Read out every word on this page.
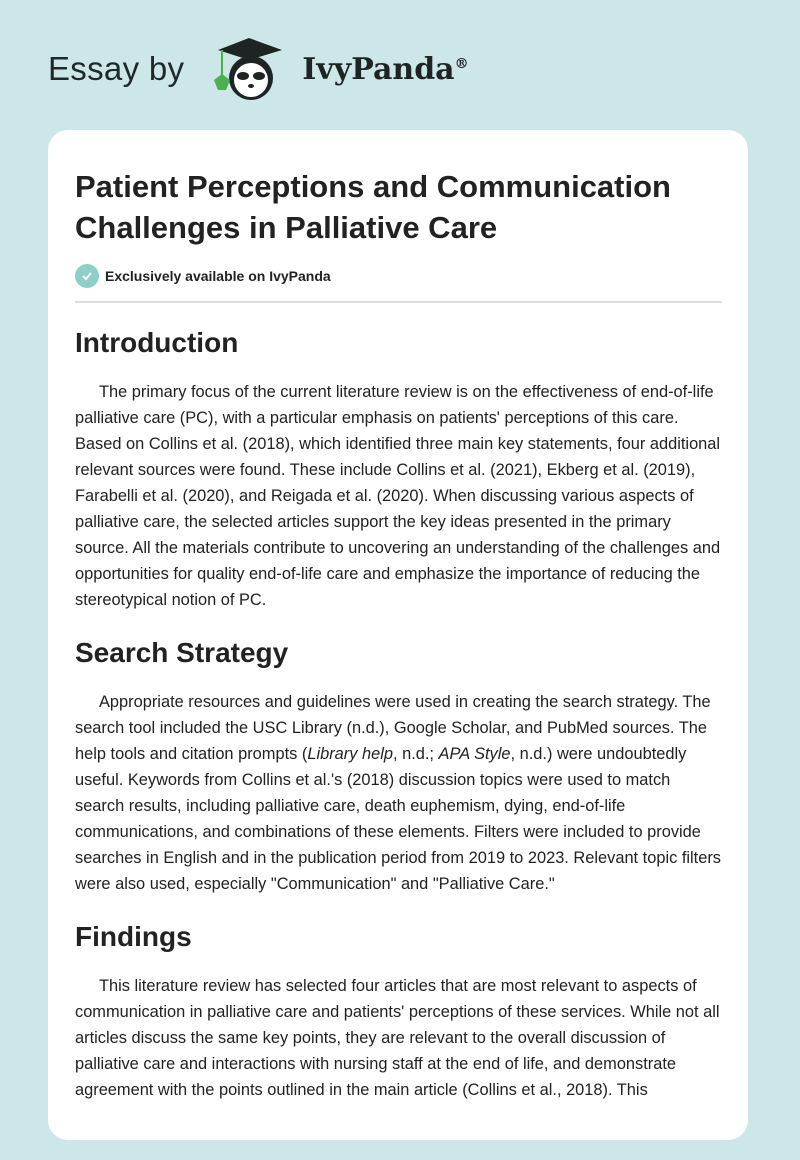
Essay by	IvyPanda®
Patient Perceptions and Communication Challenges in Palliative Care
Exclusively available on IvyPanda
Introduction

The primary focus of the current literature review is on the effectiveness of end-of-life palliative care (PC), with a particular emphasis on patients' perceptions of this care. Based on Collins et al. (2018), which identified three main key statements, four additional relevant sources were found. These include Collins et al. (2021), Ekberg et al. (2019), Farabelli et al. (2020), and Reigada et al. (2020). When discussing various aspects of palliative care, the selected articles support the key ideas presented in the primary source. All the materials contribute to uncovering an understanding of the challenges and opportunities for quality end-of-life care and emphasize the importance of reducing the stereotypical notion of PC.

Search Strategy

Appropriate resources and guidelines were used in creating the search strategy. The search tool included the USC Library (n.d.), Google Scholar, and PubMed sources. The help tools and citation prompts (Library help, n.d.; APA Style, n.d.) were undoubtedly useful. Keywords from Collins et al.'s (2018) discussion topics were used to match search results, including palliative care, death euphemism, dying, end-of-life communications, and combinations of these elements. Filters were included to provide searches in English and in the publication period from 2019 to 2023. Relevant topic filters were also used, especially "Communication" and "Palliative Care."

Findings

This literature review has selected four articles that are most relevant to aspects of communication in palliative care and patients' perceptions of these services. While not all articles discuss the same key points, they are relevant to the overall discussion of palliative care and interactions with nursing staff at the end of life, and demonstrate agreement with the points outlined in the main article (Collins et al., 2018). This
